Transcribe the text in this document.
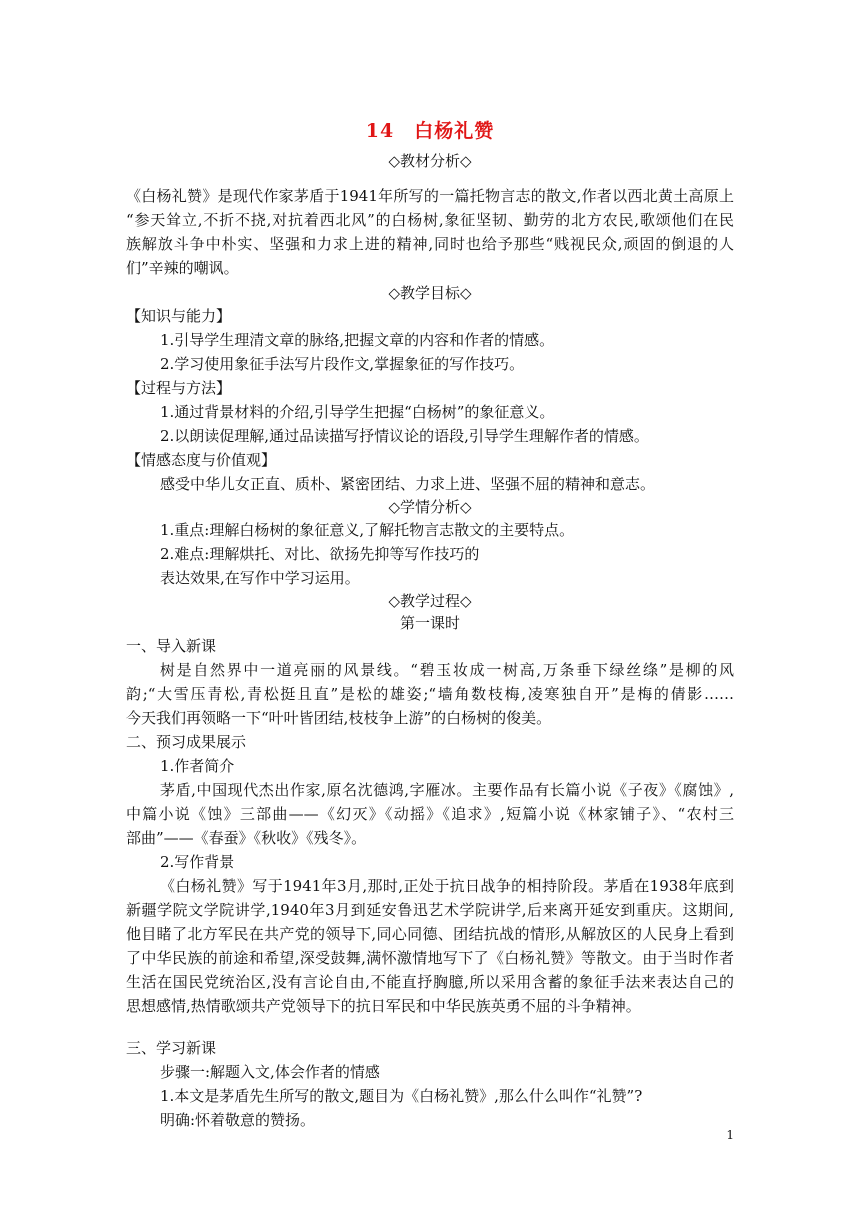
14　白杨礼赞
◇教材分析◇
《白杨礼赞》是现代作家茅盾于1941年所写的一篇托物言志的散文,作者以西北黄土高原上
“参天耸立,不折不挠,对抗着西北风”的白杨树,象征坚韧、勤劳的北方农民,歌颂他们在民
族解放斗争中朴实、坚强和力求上进的精神,同时也给予那些“贱视民众,顽固的倒退的人
们”辛辣的嘲讽。
◇教学目标◇
【知识与能力】
1.引导学生理清文章的脉络,把握文章的内容和作者的情感。
2.学习使用象征手法写片段作文,掌握象征的写作技巧。
【过程与方法】
1.通过背景材料的介绍,引导学生把握“白杨树”的象征意义。
2.以朗读促理解,通过品读描写抒情议论的语段,引导学生理解作者的情感。
【情感态度与价值观】
感受中华儿女正直、质朴、紧密团结、力求上进、坚强不屈的精神和意志。
◇学情分析◇
1.重点:理解白杨树的象征意义,了解托物言志散文的主要特点。
2.难点:理解烘托、对比、欲扬先抑等写作技巧的
表达效果,在写作中学习运用。
◇教学过程◇
第一课时
一、导入新课
树是自然界中一道亮丽的风景线。“碧玉妆成一树高,万条垂下绿丝绦”是柳的风
韵;“大雪压青松,青松挺且直”是松的雄姿;“墙角数枝梅,凌寒独自开”是梅的倩影……
今天我们再领略一下“叶叶皆团结,枝枝争上游”的白杨树的俊美。
二、预习成果展示
1.作者简介
茅盾,中国现代杰出作家,原名沈德鸿,字雁冰。主要作品有长篇小说《子夜》《腐蚀》,
中篇小说《蚀》三部曲——《幻灭》《动摇》《追求》,短篇小说《林家铺子》、“农村三
部曲”——《春蚕》《秋收》《残冬》。
2.写作背景
《白杨礼赞》写于1941年3月,那时,正处于抗日战争的相持阶段。茅盾在1938年底到
新疆学院文学院讲学,1940年3月到延安鲁迅艺术学院讲学,后来离开延安到重庆。这期间,
他目睹了北方军民在共产党的领导下,同心同德、团结抗战的情形,从解放区的人民身上看到
了中华民族的前途和希望,深受鼓舞,满怀激情地写下了《白杨礼赞》等散文。由于当时作者
生活在国民党统治区,没有言论自由,不能直抒胸臆,所以采用含蓄的象征手法来表达自己的
思想感情,热情歌颂共产党领导下的抗日军民和中华民族英勇不屈的斗争精神。
三、学习新课
步骤一:解题入文,体会作者的情感
1.本文是茅盾先生所写的散文,题目为《白杨礼赞》,那么什么叫作“礼赞”?
明确:怀着敬意的赞扬。
1
